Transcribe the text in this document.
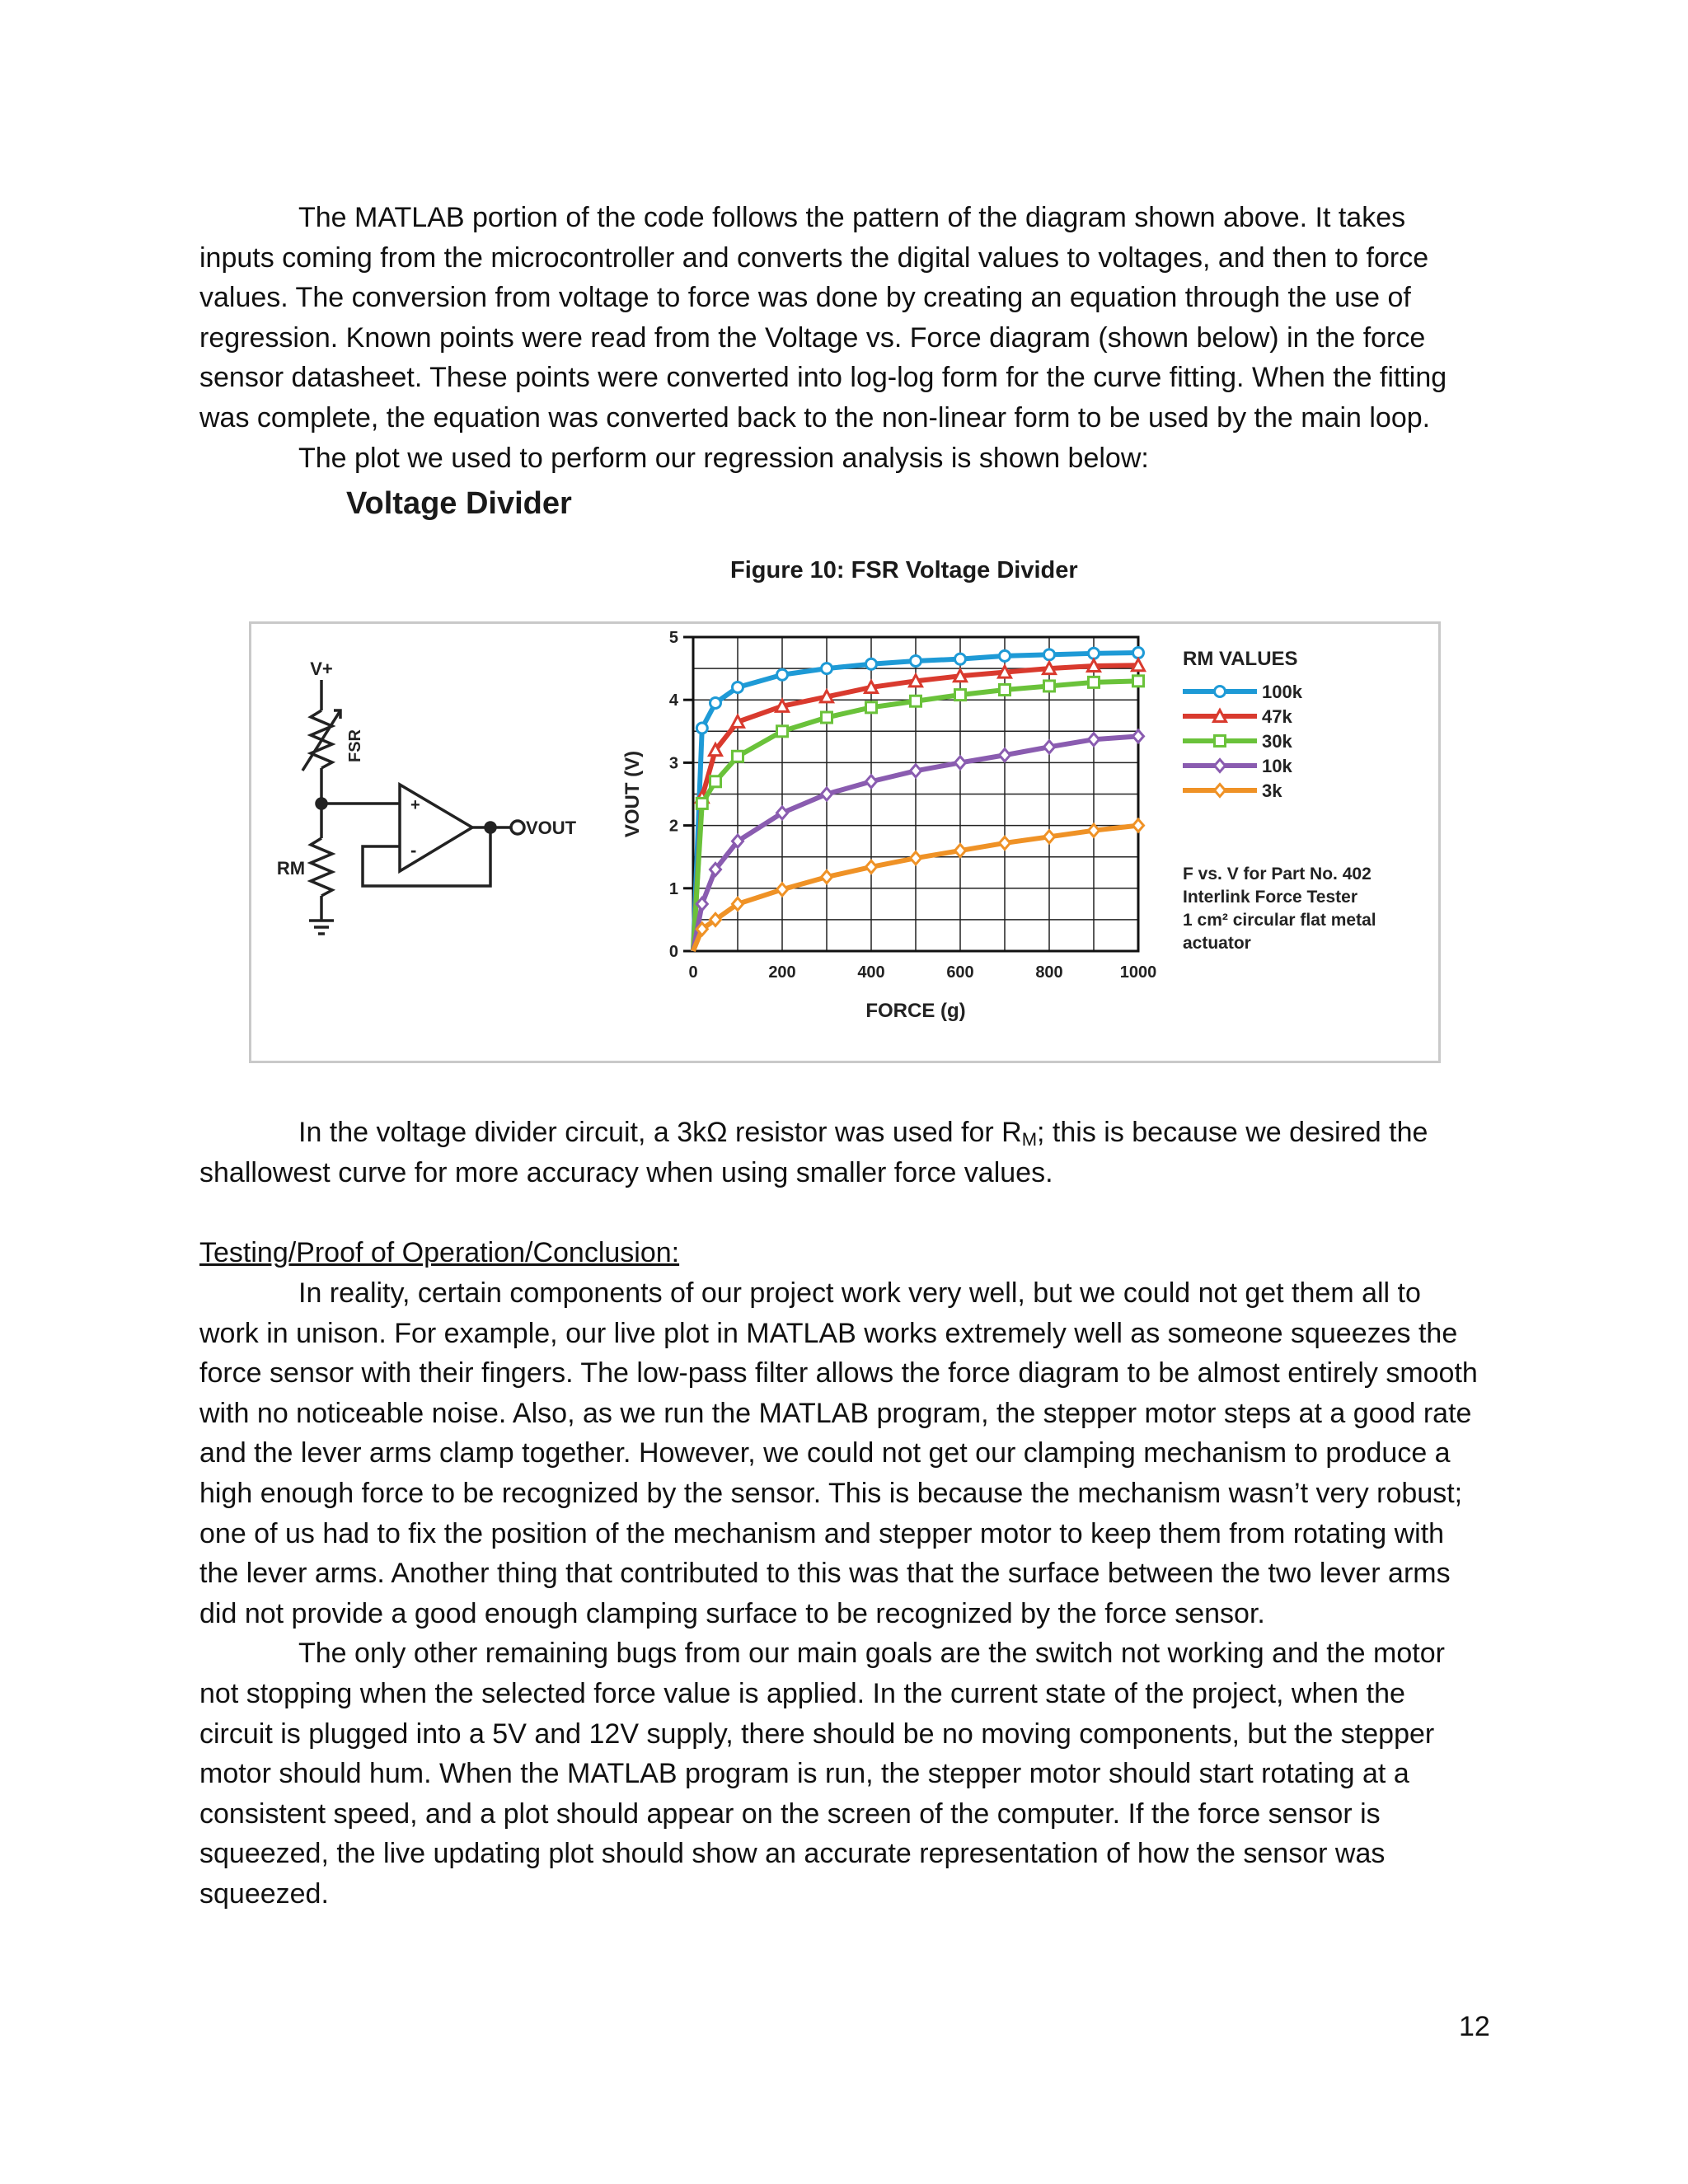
The MATLAB portion of the code follows the pattern of the diagram shown above. It takes
inputs coming from the microcontroller and converts the digital values to voltages, and then to force
values. The conversion from voltage to force was done by creating an equation through the use of
regression. Known points were read from the Voltage vs. Force diagram (shown below) in the force
sensor datasheet. These points were converted into log-log form for the curve fitting. When the fitting
was complete, the equation was converted back to the non-linear form to be used by the main loop.
The plot we used to perform our regression analysis is shown below:

Voltage Divider
Figure 10: FSR Voltage Divider
V+
FSR
RM
+
-
VOUT
0
1
2
3
4
5
0	200	400	600	800	1000
FORCE (g)
VOUT (V)
RM VALUES
100k
47k
30k
10k
3k
F vs. V for Part No. 402
Interlink Force Tester
1 cm² circular flat metal
actuator

In the voltage divider circuit, a 3kΩ resistor was used for $R_M$; this is because we desired the
shallowest curve for more accuracy when using smaller force values.

Testing/Proof of Operation/Conclusion:

In reality, certain components of our project work very well, but we could not get them all to
work in unison. For example, our live plot in MATLAB works extremely well as someone squeezes the
force sensor with their fingers. The low-pass filter allows the force diagram to be almost entirely smooth
with no noticeable noise. Also, as we run the MATLAB program, the stepper motor steps at a good rate
and the lever arms clamp together. However, we could not get our clamping mechanism to produce a
high enough force to be recognized by the sensor. This is because the mechanism wasn’t very robust;
one of us had to fix the position of the mechanism and stepper motor to keep them from rotating with
the lever arms. Another thing that contributed to this was that the surface between the two lever arms
did not provide a good enough clamping surface to be recognized by the force sensor.
The only other remaining bugs from our main goals are the switch not working and the motor
not stopping when the selected force value is applied. In the current state of the project, when the
circuit is plugged into a 5V and 12V supply, there should be no moving components, but the stepper
motor should hum. When the MATLAB program is run, the stepper motor should start rotating at a
consistent speed, and a plot should appear on the screen of the computer. If the force sensor is
squeezed, the live updating plot should show an accurate representation of how the sensor was
squeezed.

12
